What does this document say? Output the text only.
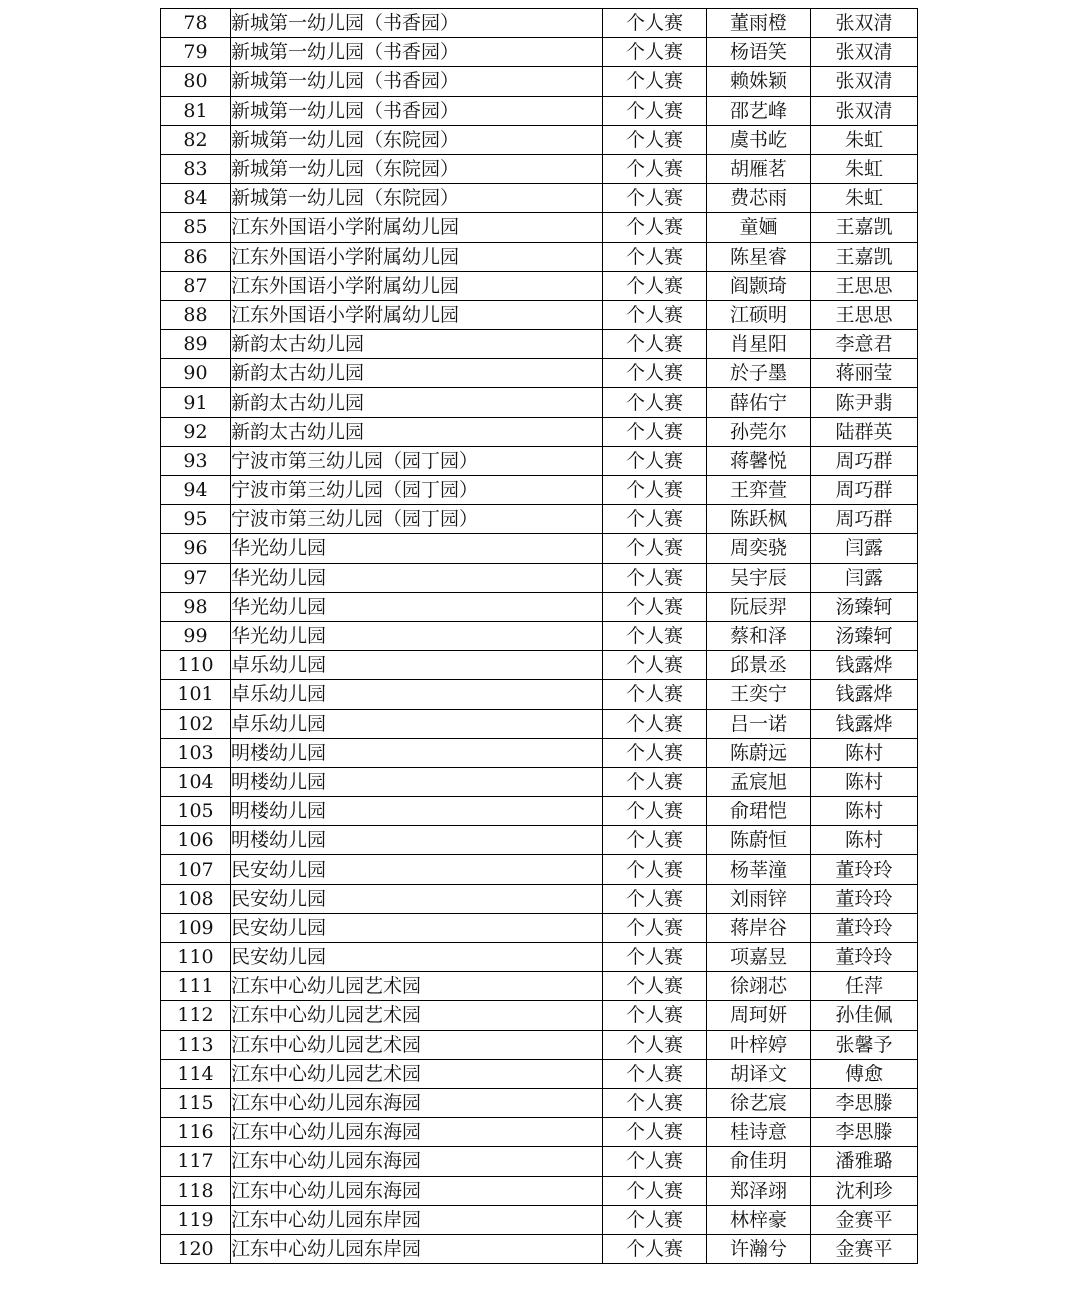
78	新城第一幼儿园（书香园）	个人赛	董雨橙	张双清
79	新城第一幼儿园（书香园）	个人赛	杨语笑	张双清
80	新城第一幼儿园（书香园）	个人赛	赖姝颖	张双清
81	新城第一幼儿园（书香园）	个人赛	邵艺峰	张双清
82	新城第一幼儿园（东院园）	个人赛	虞书屹	朱虹
83	新城第一幼儿园（东院园）	个人赛	胡雁茗	朱虹
84	新城第一幼儿园（东院园）	个人赛	费芯雨	朱虹
85	江东外国语小学附属幼儿园	个人赛	童婳	王嘉凯
86	江东外国语小学附属幼儿园	个人赛	陈星睿	王嘉凯
87	江东外国语小学附属幼儿园	个人赛	阎颢琦	王思思
88	江东外国语小学附属幼儿园	个人赛	江硕明	王思思
89	新韵太古幼儿园	个人赛	肖星阳	李意君
90	新韵太古幼儿园	个人赛	於子墨	蒋丽莹
91	新韵太古幼儿园	个人赛	薛佑宁	陈尹翡
92	新韵太古幼儿园	个人赛	孙莞尔	陆群英
93	宁波市第三幼儿园（园丁园）	个人赛	蒋馨悦	周巧群
94	宁波市第三幼儿园（园丁园）	个人赛	王弈萱	周巧群
95	宁波市第三幼儿园（园丁园）	个人赛	陈跃枫	周巧群
96	华光幼儿园	个人赛	周奕骁	闫露
97	华光幼儿园	个人赛	吴宇辰	闫露
98	华光幼儿园	个人赛	阮辰羿	汤臻轲
99	华光幼儿园	个人赛	蔡和泽	汤臻轲
110	卓乐幼儿园	个人赛	邱景丞	钱露烨
101	卓乐幼儿园	个人赛	王奕宁	钱露烨
102	卓乐幼儿园	个人赛	吕一诺	钱露烨
103	明楼幼儿园	个人赛	陈蔚远	陈村
104	明楼幼儿园	个人赛	孟宸旭	陈村
105	明楼幼儿园	个人赛	俞珺恺	陈村
106	明楼幼儿园	个人赛	陈蔚恒	陈村
107	民安幼儿园	个人赛	杨莘潼	董玲玲
108	民安幼儿园	个人赛	刘雨锌	董玲玲
109	民安幼儿园	个人赛	蒋岸谷	董玲玲
110	民安幼儿园	个人赛	项嘉昱	董玲玲
111	江东中心幼儿园艺术园	个人赛	徐翊芯	任萍
112	江东中心幼儿园艺术园	个人赛	周珂妍	孙佳佩
113	江东中心幼儿园艺术园	个人赛	叶梓婷	张馨予
114	江东中心幼儿园艺术园	个人赛	胡译文	傅愈
115	江东中心幼儿园东海园	个人赛	徐艺宸	李思滕
116	江东中心幼儿园东海园	个人赛	桂诗意	李思滕
117	江东中心幼儿园东海园	个人赛	俞佳玥	潘雅璐
118	江东中心幼儿园东海园	个人赛	郑泽翊	沈利珍
119	江东中心幼儿园东岸园	个人赛	林梓豪	金赛平
120	江东中心幼儿园东岸园	个人赛	许瀚兮	金赛平
